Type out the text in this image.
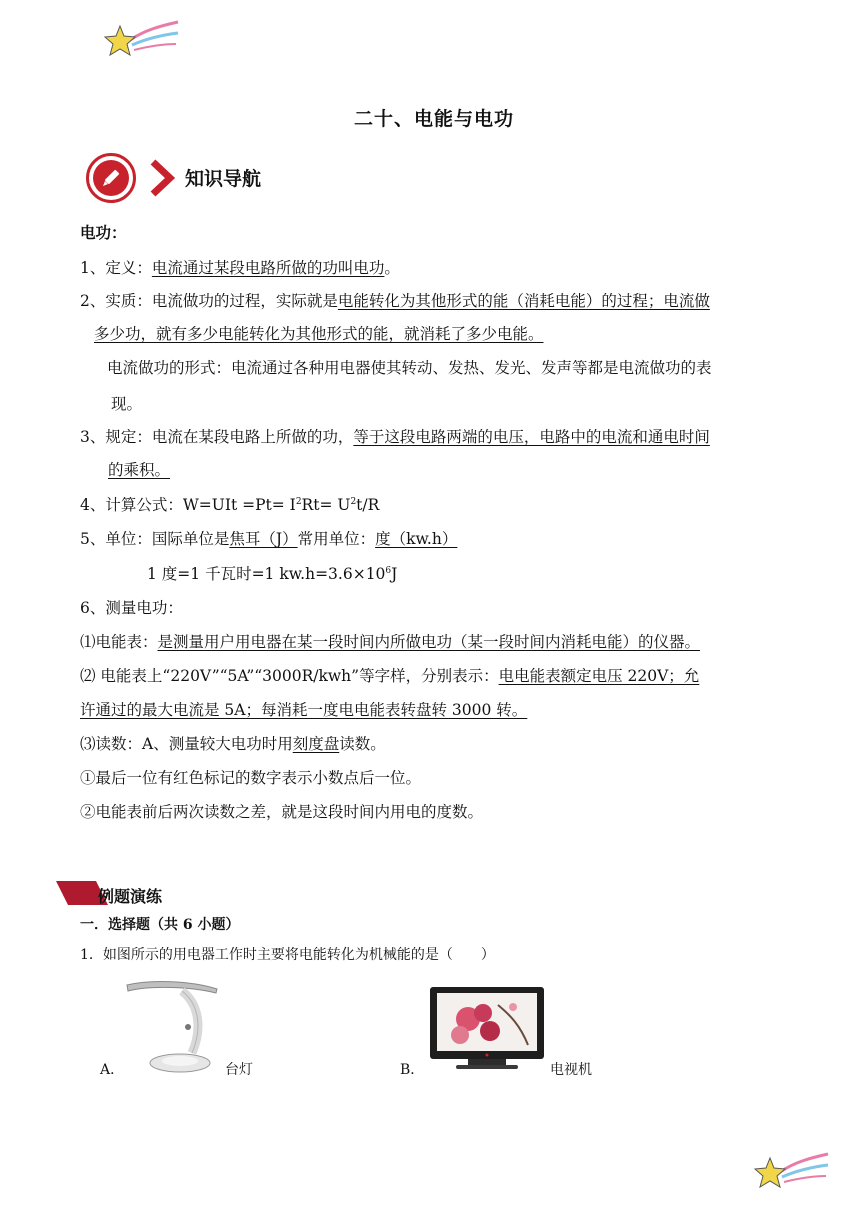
二十、电能与电功
知识导航
电功：
1、定义：电流通过某段电路所做的功叫电功。
2、实质：电流做功的过程，实际就是电能转化为其他形式的能（消耗电能）的过程；电流做
多少功，就有多少电能转化为其他形式的能，就消耗了多少电能。
电流做功的形式：电流通过各种用电器使其转动、发热、发光、发声等都是电流做功的表
现。
3、规定：电流在某段电路上所做的功，等于这段电路两端的电压，电路中的电流和通电时间
的乘积。
4、计算公式：$W=UIt =Pt= I^2Rt= U^2t/R$
5、单位：国际单位是焦耳（J）常用单位：度（kw.h）
1 度=1 千瓦时=1 $kw.h=3.6\times 10^6J$
6、测量电功：
⑴电能表：是测量用户用电器在某一段时间内所做电功（某一段时间内消耗电能）的仪器。
⑵ 电能表上“220V”“5A”“3000R/kwh”等字样，分别表示：电电能表额定电压 220V；允
许通过的最大电流是 5A；每消耗一度电电能表转盘转 3000 转。
⑶读数：A、测量较大电功时用刻度盘读数。
①最后一位有红色标记的数字表示小数点后一位。
②电能表前后两次读数之差，就是这段时间内用电的度数。
例题演练
一．选择题（共 6 小题）
1．如图所示的用电器工作时主要将电能转化为机械能的是（　　）
A．	台灯	B．	电视机
